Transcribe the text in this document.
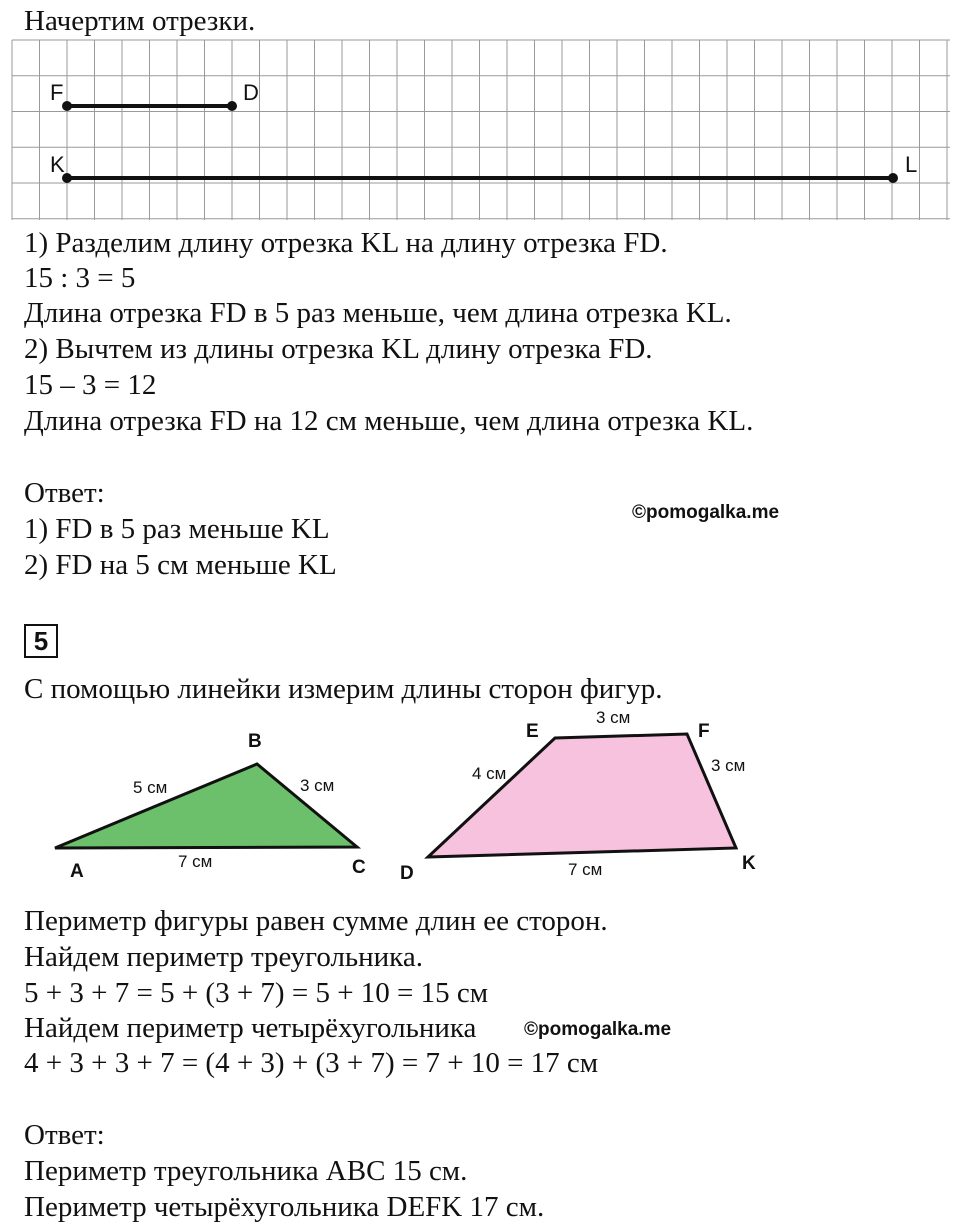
Начертим отрезки.
F	D
K	L
1) Разделим длину отрезка KL на длину отрезка FD.
15 : 3 = 5
Длина отрезка FD в 5 раз меньше, чем длина отрезка KL.
2) Вычтем из длины отрезка KL длину отрезка FD.
15 – 3 = 12
Длина отрезка FD на 12 см меньше, чем длина отрезка KL.
Ответ:
1) FD в 5 раз меньше KL
2) FD на 5 см меньше KL
©pomogalka.me
5
С помощью линейки измерим длины сторон фигур.
A
B
C
5 см	3 см
7 см
D
E	F
K
4 см
3 см
3 см
7 см
Периметр фигуры равен сумме длин ее сторон.
Найдем периметр треугольника.
5 + 3 + 7 = 5 + (3 + 7) = 5 + 10 = 15 см
Найдем периметр четырёхугольника	©pomogalka.me
4 + 3 + 3 + 7 = (4 + 3) + (3 + 7) = 7 + 10 = 17 см
Ответ:
Периметр треугольника ABC 15 см.
Периметр четырёхугольника DEFK 17 см.
